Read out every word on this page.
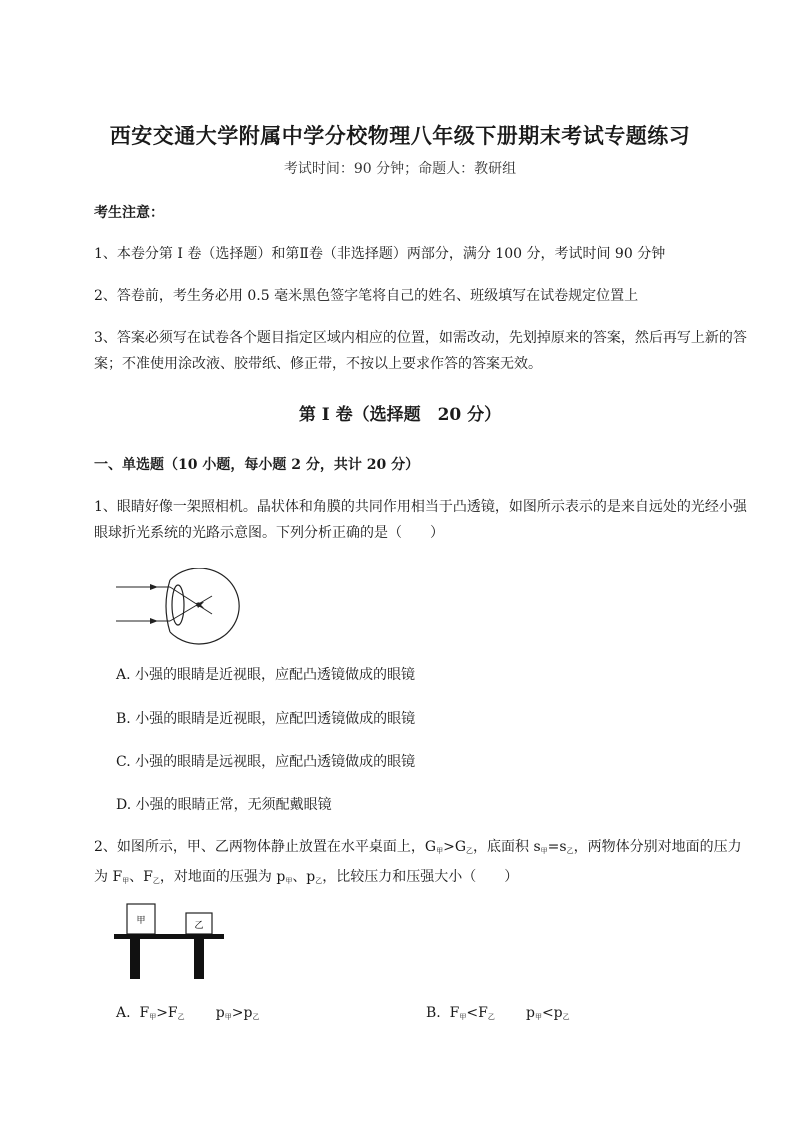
西安交通大学附属中学分校物理八年级下册期末考试专题练习
考试时间：90 分钟；命题人：教研组
考生注意：
1、本卷分第 I 卷（选择题）和第Ⅱ卷（非选择题）两部分，满分 100 分，考试时间 90 分钟
2、答卷前，考生务必用 0.5 毫米黑色签字笔将自己的姓名、班级填写在试卷规定位置上
3、答案必须写在试卷各个题目指定区域内相应的位置，如需改动，先划掉原来的答案，然后再写上新的答案；不准使用涂改液、胶带纸、修正带，不按以上要求作答的答案无效。
第 I 卷（选择题　20 分）
一、单选题（10 小题，每小题 2 分，共计 20 分）
1、眼睛好像一架照相机。晶状体和角膜的共同作用相当于凸透镜，如图所示表示的是来自远处的光经小强眼球折光系统的光路示意图。下列分析正确的是（　　）
A. 小强的眼睛是近视眼，应配凸透镜做成的眼镜
B. 小强的眼睛是近视眼，应配凹透镜做成的眼镜
C. 小强的眼睛是远视眼，应配凸透镜做成的眼镜
D. 小强的眼睛正常，无须配戴眼镜
2、如图所示，甲、乙两物体静止放置在水平桌面上，$G_甲>G_乙$，底面积 $s_甲=s_乙$，两物体分别对地面的压力为 $F_甲$、$F_乙$，对地面的压强为 $p_甲$、$p_乙$，比较压力和压强大小（　　）
甲	乙
A. $F_甲>F_乙$ $p_甲>p_乙$	B. $F_甲<F_乙$ $p_甲<p_乙$
